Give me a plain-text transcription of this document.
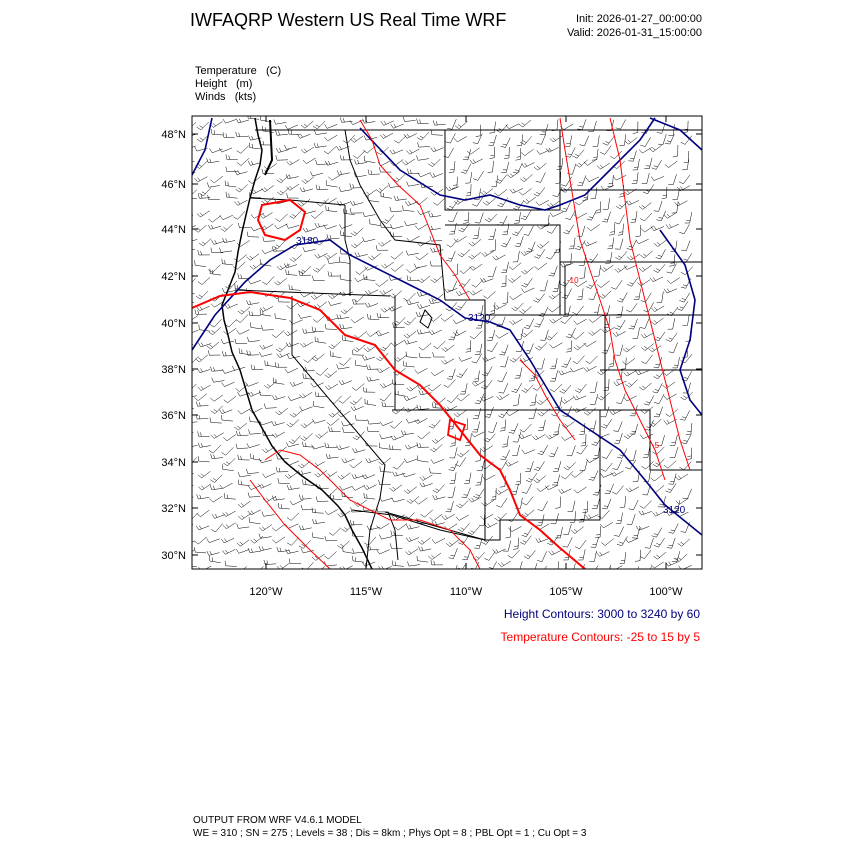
IWFAQRP Western US Real Time WRF	Init: 2026-01-27_00:00:00
Valid: 2026-01-31_15:00:00
Temperature (C)
Height (m)
Winds (kts)
3180
3120
3120
-10
-5
48°N
46°N
44°N
42°N
40°N
38°N
36°N
34°N
32°N
30°N
120°W	115°W	110°W	105°W	100°W
Height Contours: 3000 to 3240 by 60
Temperature Contours: -25 to 15 by 5
OUTPUT FROM WRF V4.6.1 MODEL
WE = 310 ; SN = 275 ; Levels = 38 ; Dis = 8km ; Phys Opt = 8 ; PBL Opt = 1 ; Cu Opt = 3
